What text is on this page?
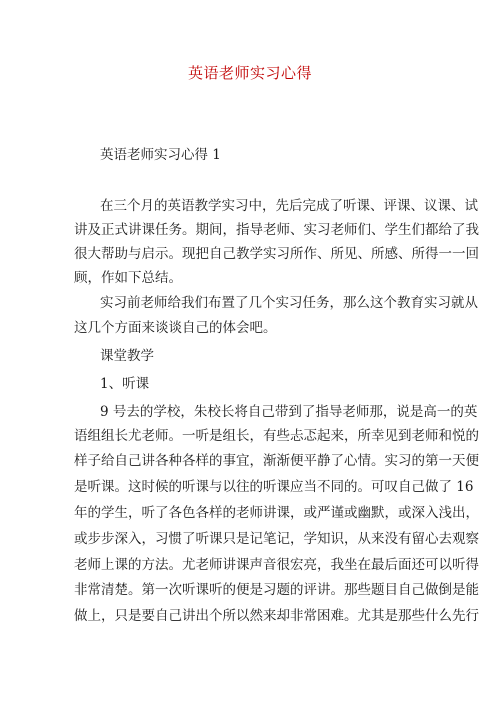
英语老师实习心得
英语老师实习心得 1
在三个月的英语教学实习中，先后完成了听课、评课、议课、试
讲及正式讲课任务。期间，指导老师、实习老师们、学生们都给了我
很大帮助与启示。现把自己教学实习所作、所见、所感、所得一一回
顾，作如下总结。
实习前老师给我们布置了几个实习任务，那么这个教育实习就从
这几个方面来谈谈自己的体会吧。
课堂教学
1、听课
9 号去的学校，朱校长将自己带到了指导老师那，说是高一的英
语组组长尤老师。一听是组长，有些忐忑起来，所幸见到老师和悦的
样子给自己讲各种各样的事宜，渐渐便平静了心情。实习的第一天便
是听课。这时候的听课与以往的听课应当不同的。可叹自己做了 16
年的学生，听了各色各样的老师讲课，或严谨或幽默，或深入浅出，
或步步深入，习惯了听课只是记笔记，学知识，从来没有留心去观察
老师上课的方法。尤老师讲课声音很宏亮，我坐在最后面还可以听得
非常清楚。第一次听课听的便是习题的评讲。那些题目自己做倒是能
做上，只是要自己讲出个所以然来却非常困难。尤其是那些什么先行
